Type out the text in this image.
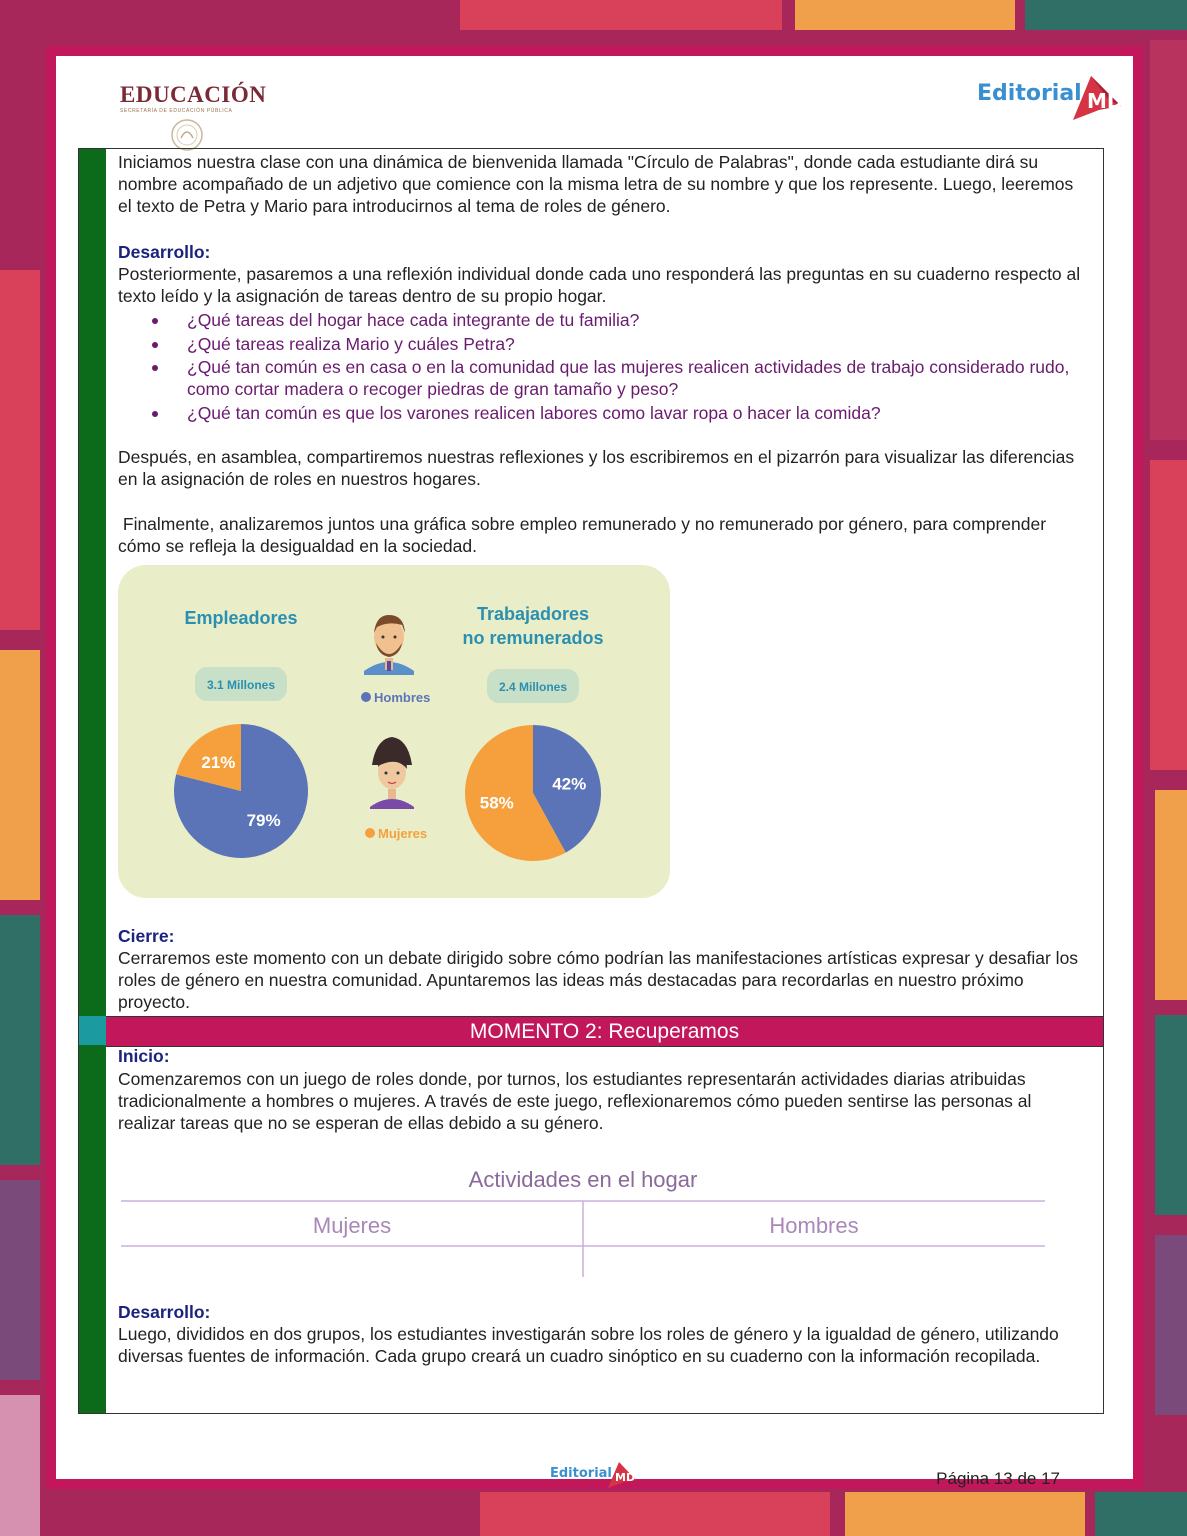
EDUCACIÓN
SECRETARÍA DE EDUCACIÓN PÚBLICA
Editorial MD
Iniciamos nuestra clase con una dinámica de bienvenida llamada "Círculo de Palabras", donde cada estudiante dirá su nombre acompañado de un adjetivo que comience con la misma letra de su nombre y que los represente. Luego, leeremos el texto de Petra y Mario para introducirnos al tema de roles de género.
Desarrollo:
Posteriormente, pasaremos a una reflexión individual donde cada uno responderá las preguntas en su cuaderno respecto al texto leído y la asignación de tareas dentro de su propio hogar.
¿Qué tareas del hogar hace cada integrante de tu familia?
¿Qué tareas realiza Mario y cuáles Petra?
¿Qué tan común es en casa o en la comunidad que las mujeres realicen actividades de trabajo considerado rudo, como cortar madera o recoger piedras de gran tamaño y peso?
¿Qué tan común es que los varones realicen labores como lavar ropa o hacer la comida?
Después, en asamblea, compartiremos nuestras reflexiones y los escribiremos en el pizarrón para visualizar las diferencias en la asignación de roles en nuestros hogares.
Finalmente, analizaremos juntos una gráfica sobre empleo remunerado y no remunerado por género, para comprender cómo se refleja la desigualdad en la sociedad.
Empleadores
3.1 Millones
Trabajadores
no remunerados
2.4 Millones
Hombres
Mujeres
79%
21%
42%
58%
Cierre:
Cerraremos este momento con un debate dirigido sobre cómo podrían las manifestaciones artísticas expresar y desafiar los roles de género en nuestra comunidad. Apuntaremos las ideas más destacadas para recordarlas en nuestro próximo proyecto.
MOMENTO 2: Recuperamos
Inicio:
Comenzaremos con un juego de roles donde, por turnos, los estudiantes representarán actividades diarias atribuidas tradicionalmente a hombres o mujeres. A través de este juego, reflexionaremos cómo pueden sentirse las personas al realizar tareas que no se esperan de ellas debido a su género.
Actividades en el hogar
Mujeres	Hombres
Desarrollo:
Luego, divididos en dos grupos, los estudiantes investigarán sobre los roles de género y la igualdad de género, utilizando diversas fuentes de información. Cada grupo creará un cuadro sinóptico en su cuaderno con la información recopilada.
Editorial MD	Página 13 de 17
